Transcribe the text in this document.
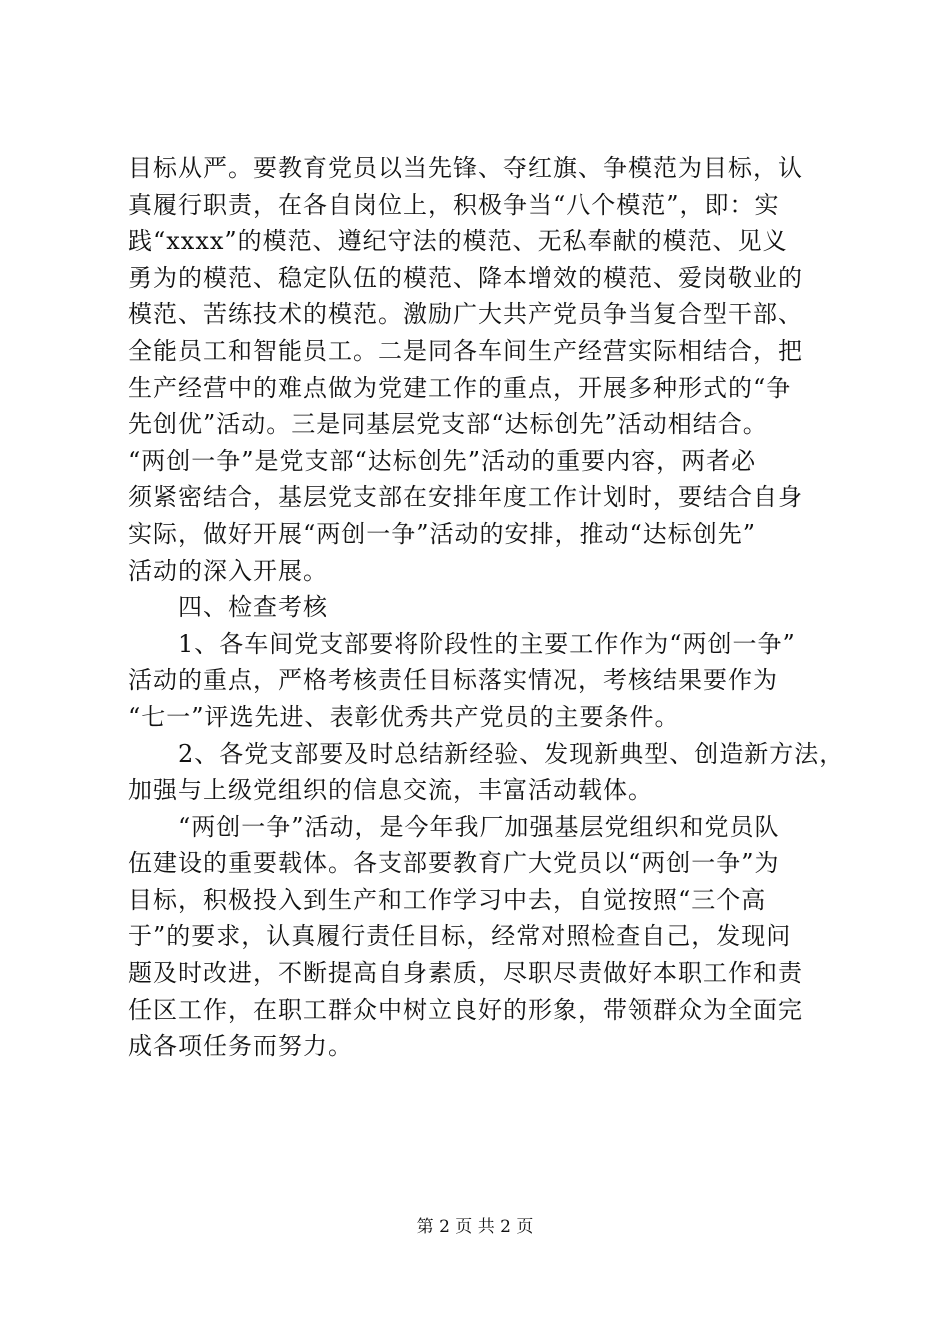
目标从严。要教育党员以当先锋、夺红旗、争模范为目标，认
真履行职责，在各自岗位上，积极争当“八个模范”，即：实
践“xxxx”的模范、遵纪守法的模范、无私奉献的模范、见义
勇为的模范、稳定队伍的模范、降本增效的模范、爱岗敬业的
模范、苦练技术的模范。激励广大共产党员争当复合型干部、
全能员工和智能员工。二是同各车间生产经营实际相结合，把
生产经营中的难点做为党建工作的重点，开展多种形式的“争
先创优”活动。三是同基层党支部“达标创先”活动相结合。
“两创一争”是党支部“达标创先”活动的重要内容，两者必
须紧密结合，基层党支部在安排年度工作计划时，要结合自身
实际，做好开展“两创一争”活动的安排，推动“达标创先”
活动的深入开展。
　　四、检查考核
　　1、各车间党支部要将阶段性的主要工作作为“两创一争”
活动的重点，严格考核责任目标落实情况，考核结果要作为
“七一”评选先进、表彰优秀共产党员的主要条件。
　　2、各党支部要及时总结新经验、发现新典型、创造新方法，
加强与上级党组织的信息交流，丰富活动载体。
　　“两创一争”活动，是今年我厂加强基层党组织和党员队
伍建设的重要载体。各支部要教育广大党员以“两创一争”为
目标，积极投入到生产和工作学习中去，自觉按照“三个高
于”的要求，认真履行责任目标，经常对照检查自己，发现问
题及时改进，不断提高自身素质，尽职尽责做好本职工作和责
任区工作，在职工群众中树立良好的形象，带领群众为全面完
成各项任务而努力。
第 2 页 共 2 页
